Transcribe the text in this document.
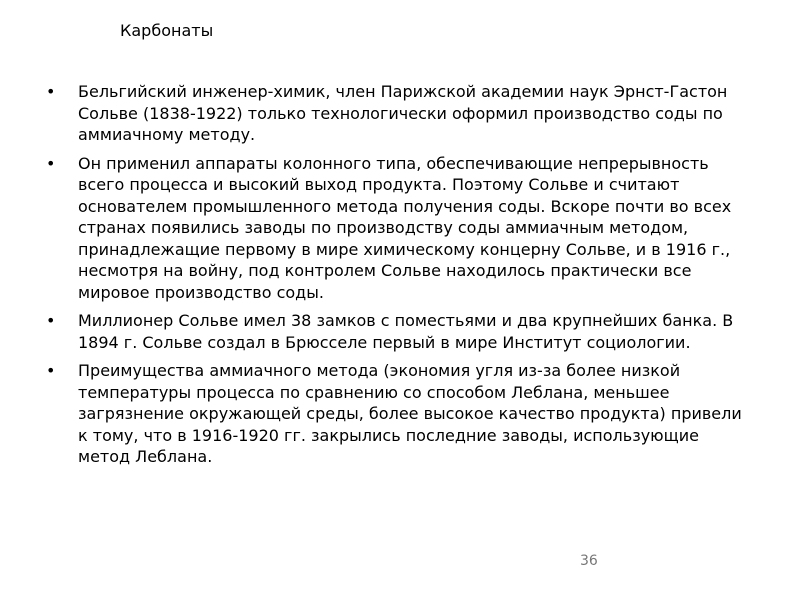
Карбонаты
• Бельгийский инженер-химик, член Парижской академии наук Эрнст-Гастон Сольве (1838-1922) только технологически оформил производство соды по аммиачному методу.
• Он применил аппараты колонного типа, обеспечивающие непрерывность всего процесса и высокий выход продукта. Поэтому Сольве и считают основателем промышленного метода получения соды. Вскоре почти во всех странах появились заводы по производству соды аммиачным методом, принадлежащие первому в мире химическому концерну Сольве, и в 1916 г., несмотря на войну, под контролем Сольве находилось практически все мировое производство соды.
• Миллионер Сольве имел 38 замков с поместьями и два крупнейших банка. В 1894 г. Сольве создал в Брюсселе первый в мире Институт социологии.
• Преимущества аммиачного метода (экономия угля из-за более низкой температуры процесса по сравнению со способом Леблана, меньшее загрязнение окружающей среды, более высокое качество продукта) привели к тому, что в 1916-1920 гг. закрылись последние заводы, использующие метод Леблана.
36
